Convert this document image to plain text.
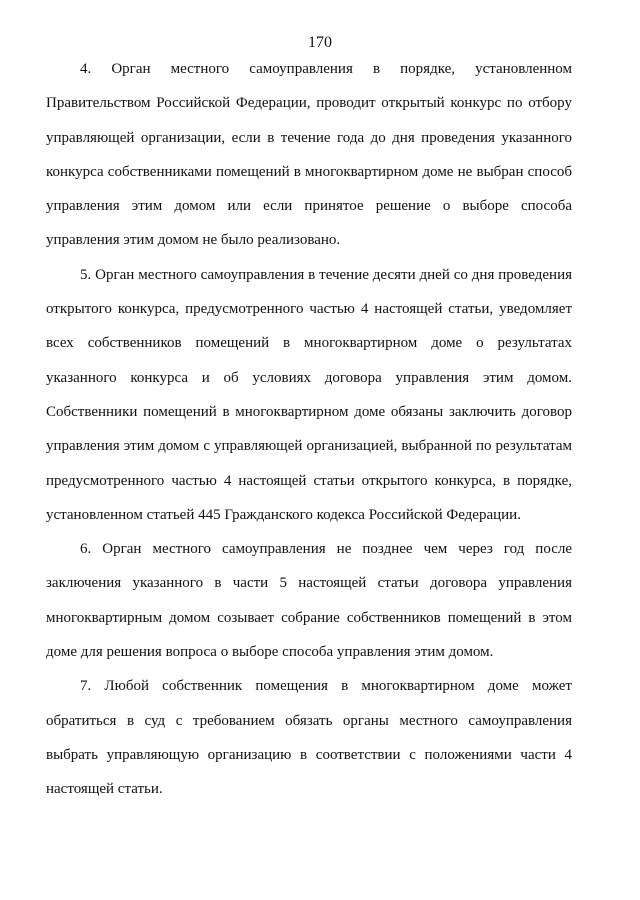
170

4. Орган местного самоуправления в порядке, установленном Правительством Российской Федерации, проводит открытый конкурс по отбору управляющей организации, если в течение года до дня проведения указанного конкурса собственниками помещений в многоквартирном доме не выбран способ управления этим домом или если принятое решение о выборе способа управления этим домом не было реализовано.

5. Орган местного самоуправления в течение десяти дней со дня проведения открытого конкурса, предусмотренного частью 4 настоящей статьи, уведомляет всех собственников помещений в многоквартирном доме о результатах указанного конкурса и об условиях договора управления этим домом. Собственники помещений в многоквартирном доме обязаны заключить договор управления этим домом с управляющей организацией, выбранной по результатам предусмотренного частью 4 настоящей статьи открытого конкурса, в порядке, установленном статьей 445 Гражданского кодекса Российской Федерации.

6. Орган местного самоуправления не позднее чем через год после заключения указанного в части 5 настоящей статьи договора управления многоквартирным домом созывает собрание собственников помещений в этом доме для решения вопроса о выборе способа управления этим домом.

7. Любой собственник помещения в многоквартирном доме может обратиться в суд с требованием обязать органы местного самоуправления выбрать управляющую организацию в соответствии с положениями части 4 настоящей статьи.
